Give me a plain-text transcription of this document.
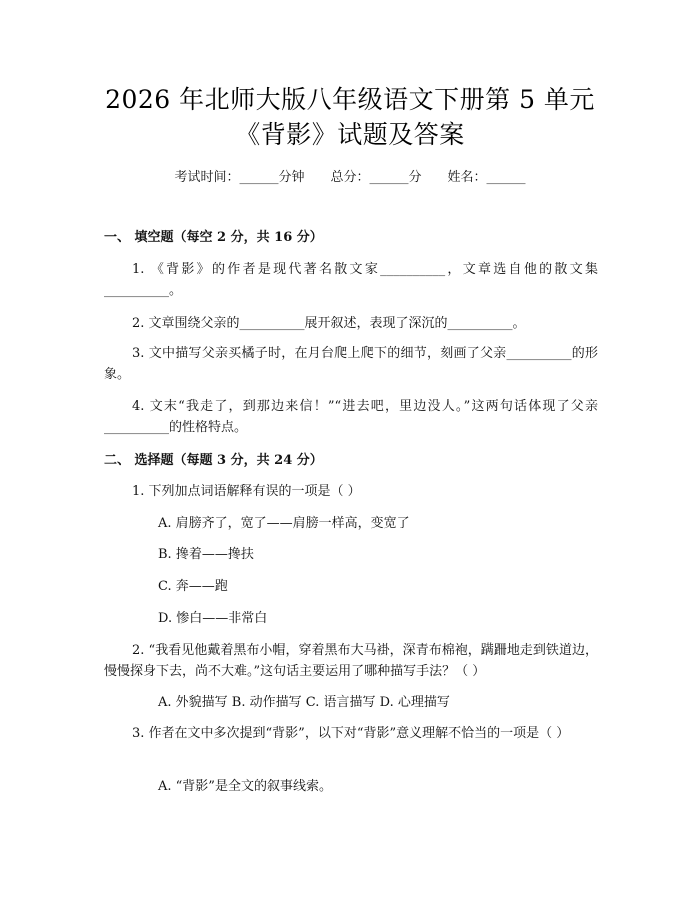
2026 年北师大版八年级语文下册第 5 单元
《背影》试题及答案
考试时间：______分钟 总分：______分 姓名：______
一、 填空题（每空 2 分，共 16 分）
1. 《背影》的作者是现代著名散文家__________，文章选自他的散文集__________。
2. 文章围绕父亲的__________展开叙述，表现了深沉的__________。
3. 文中描写父亲买橘子时，在月台爬上爬下的细节，刻画了父亲__________的形象。
4. 文末“我走了，到那边来信！”“进去吧，里边没人。”这两句话体现了父亲__________的性格特点。
二、 选择题（每题 3 分，共 24 分）
1. 下列加点词语解释有误的一项是（ ）
A. 肩膀齐了，宽了——肩膀一样高，变宽了
B. 搀着——搀扶
C. 奔——跑
D. 惨白——非常白
2. “我看见他戴着黑布小帽，穿着黑布大马褂，深青布棉袍，蹒跚地走到铁道边，慢慢探身下去，尚不大难。”这句话主要运用了哪种描写手法？（ ）
A. 外貌描写 B. 动作描写 C. 语言描写 D. 心理描写
3. 作者在文中多次提到“背影”，以下对“背影”意义理解不恰当的一项是（ ）
A. “背影”是全文的叙事线索。
